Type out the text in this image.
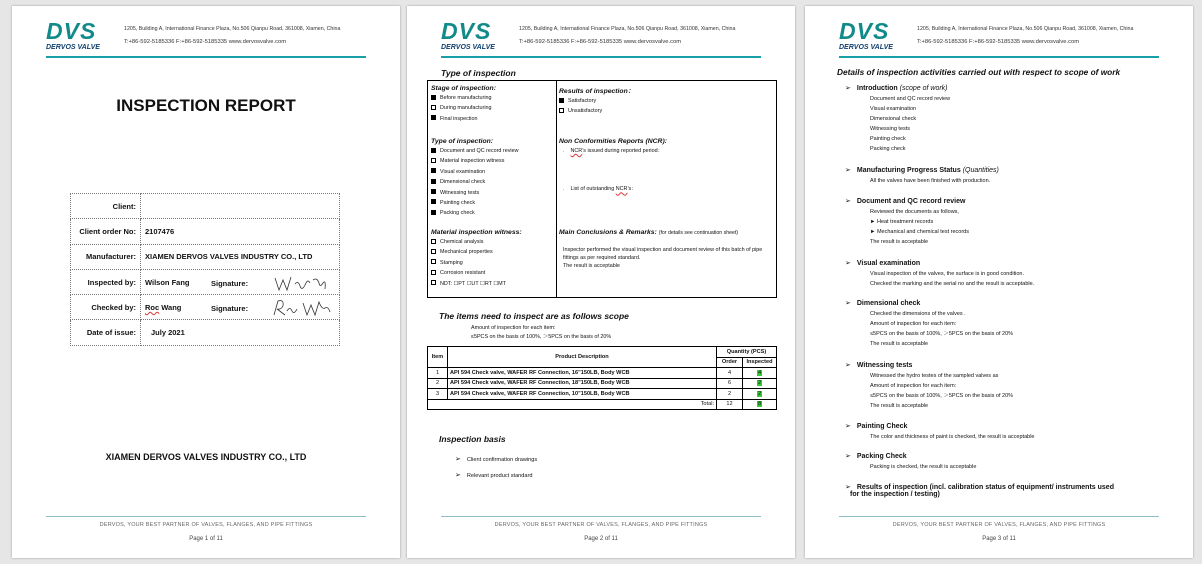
DVS
DERVOS VALVE
1205, Building A, International Finance Plaza, No.506 Qianpu Road, 361008, Xiamen, China
T:+86-592-5185336 F:+86-592-5185335 www.dervosvalve.com
INSPECTION REPORT
Client:	
Client order No:	2107476
Manufacturer:	XIAMEN DERVOS VALVES INDUSTRY CO., LTD
Inspected by:	Wilson Fang Signature:

Checked by:	Roc Wang Signature:

Date of issue:	July 2021
XIAMEN DERVOS VALVES INDUSTRY CO., LTD
DERVOS, YOUR BEST PARTNER OF VALVES, FLANGES, AND PIPE FITTINGS
Page 1 of 11
DVS
DERVOS VALVE
1205, Building A, International Finance Plaza, No.506 Qianpu Road, 361008, Xiamen, China
T:+86-592-5185336 F:+86-592-5185335 www.dervosvalve.com
Type of inspection
Stage of inspection:
Before manufacturing
During manufacturing
Final inspection
Type of inspection:
Document and QC record review
Material inspection witness
Visual examination
Dimensional check
Witnessing tests
Painting check
Packing check
Material inspection witness:
Chemical analysis
Mechanical properties
Stamping
Corrosion resistant
NDT: ☐PT ☐UT ☐RT ☐MT
Results of inspection：
Satisfactory
Unsatisfactory
Non Conformities Reports (NCR):
. NCR’s issued during reported period：
. List of outstanding NCR’s：
Main Conclusions & Remarks: (for details see continuation sheet)
Inspector performed the visual inspection and document review of this batch of pipe fittings as per required standard.
The result is acceptable
The items need to inspect are as follows scope
Amount of inspection for each item:
≤5PCS on the basis of 100%, ＞5PCS on the basis of 20%
Item	Product Description	Quantity (PCS)	
		Order	Inspected
1	API 594 Check valve, WAFER RF Connection, 16"150LB, Body WCB	4	4
2	API 594 Check valve, WAFER RF Connection, 18"150LB, Body WCB	6	2
3	API 594 Check valve, WAFER RF Connection, 10"150LB, Body WCB	2	2
Total:		12	8
Inspection basis
➢ Client confirmation drawings
➢ Relevant product standard
DERVOS, YOUR BEST PARTNER OF VALVES, FLANGES, AND PIPE FITTINGS
Page 2 of 11
DVS
DERVOS VALVE
1205, Building A, International Finance Plaza, No.506 Qianpu Road, 361008, Xiamen, China
T:+86-592-5185336 F:+86-592-5185335 www.dervosvalve.com
Details of inspection activities carried out with respect to scope of work
➢ Introduction (scope of work)
Document and QC record review
Visual examination
Dimensional check
Witnessing tests
Painting check
Packing check
➢ Manufacturing Progress Status (Quantities)
All the valves have been finished with production.
➢ Document and QC record review
Reviewed the documents as follows,
► Heat treatment records
► Mechanical and chemical test records
The result is acceptable
➢ Visual examination
Visual inspection of the valves, the surface is in good condition.
Checked the marking and the serial no and the result is acceptable.
➢ Dimensional check
Checked the dimensions of the valves .
Amount of inspection for each item:
≤5PCS on the basis of 100%, ＞5PCS on the basis of 20%
The result is acceptable
➢ Witnessing tests
Witnessed the hydro testes of the sampled valves as
Amount of inspection for each item:
≤5PCS on the basis of 100%, ＞5PCS on the basis of 20%
The result is acceptable
➢ Painting Check
The color and thickness of paint is checked, the result is acceptable
➢ Packing Check
Packing is checked, the result is acceptable
➢ Results of inspection (incl. calibration status of equipment/ instruments used
for the inspection / testing)
DERVOS, YOUR BEST PARTNER OF VALVES, FLANGES, AND PIPE FITTINGS
Page 3 of 11
